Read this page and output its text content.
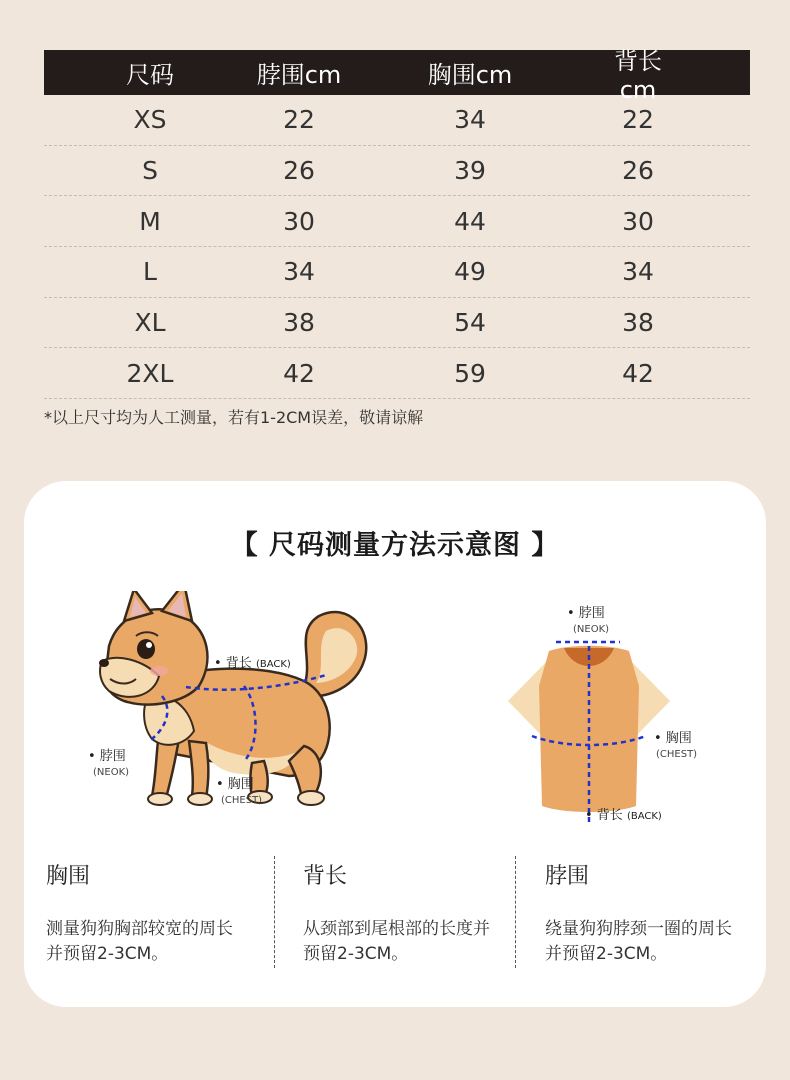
尺码	脖围cm	胸围cm	背长cm
XS	22	34	22
S	26	39	26
M	30	44	30
L	34	49	34
XL	38	54	38
2XL	42	59	42
*以上尺寸均为人工测量，若有1-2CM误差，敬请谅解
【 尺码测量方法示意图 】
• 背长 (BACK)
• 脖围
(NEOK)
• 胸围
(CHEST)
• 脖围
(NEOK)
• 胸围
(CHEST)
• 背长 (BACK)
胸围
测量狗狗胸部较宽的周长并预留2-3CM。
背长
从颈部到尾根部的长度并预留2-3CM。
脖围
绕量狗狗脖颈一圈的周长并预留2-3CM。
